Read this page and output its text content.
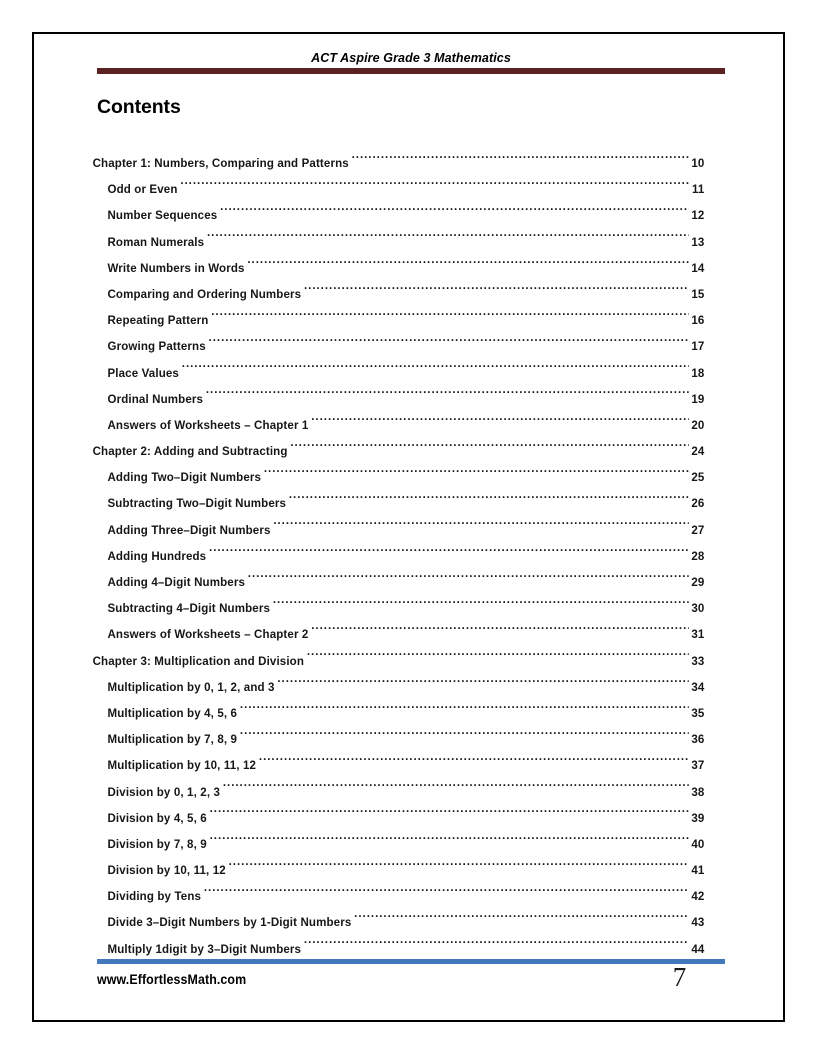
ACT Aspire Grade 3 Mathematics
Contents
Chapter 1: Numbers, Comparing and Patterns .....	10
Odd or Even .....	11
Number Sequences .....	12
Roman Numerals .....	13
Write Numbers in Words .....	14
Comparing and Ordering Numbers .....	15
Repeating Pattern .....	16
Growing Patterns .....	17
Place Values .....	18
Ordinal Numbers .....	19
Answers of Worksheets – Chapter 1 .....	20
Chapter 2: Adding and Subtracting .....	24
Adding Two–Digit Numbers .....	25
Subtracting Two–Digit Numbers .....	26
Adding Three–Digit Numbers .....	27
Adding Hundreds .....	28
Adding 4–Digit Numbers .....	29
Subtracting 4–Digit Numbers .....	30
Answers of Worksheets – Chapter 2 .....	31
Chapter 3: Multiplication and Division .....	33
Multiplication by 0, 1, 2, and 3 .....	34
Multiplication by 4, 5, 6 .....	35
Multiplication by 7, 8, 9 .....	36
Multiplication by 10, 11, 12 .....	37
Division by 0, 1, 2, 3 .....	38
Division by 4, 5, 6 .....	39
Division by 7, 8, 9 .....	40
Division by 10, 11, 12 .....	41
Dividing by Tens .....	42
Divide 3–Digit Numbers by 1-Digit Numbers .....	43
Multiply 1digit by 3–Digit Numbers .....	44
www.EffortlessMath.com	7
